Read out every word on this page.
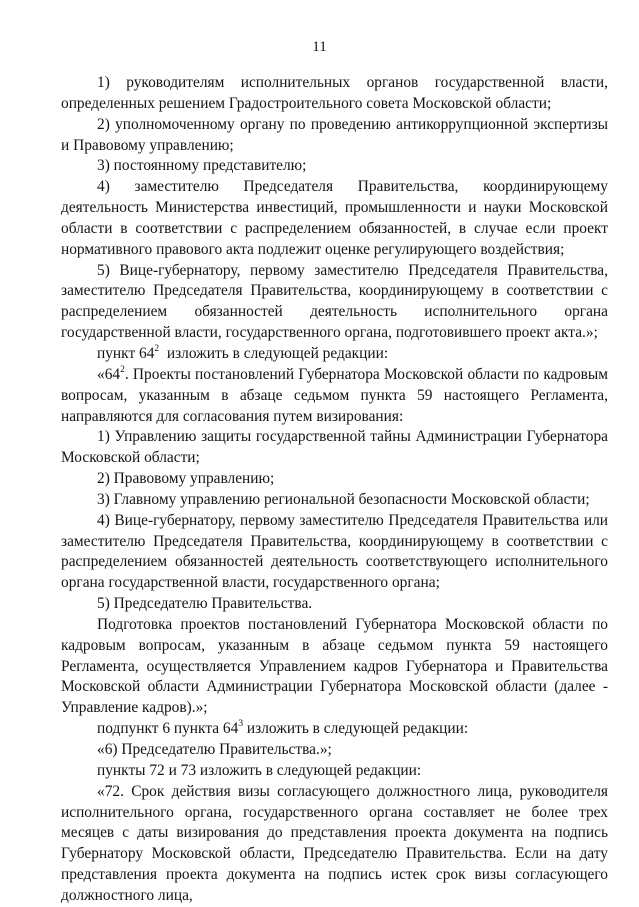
11

1) руководителям исполнительных органов государственной власти, определенных решением Градостроительного совета Московской области;

2) уполномоченному органу по проведению антикоррупционной экспертизы и Правовому управлению;

3) постоянному представителю;

4) заместителю Председателя Правительства, координирующему деятельность Министерства инвестиций, промышленности и науки Московской области в соответствии с распределением обязанностей, в случае если проект нормативного правового акта подлежит оценке регулирующего воздействия;

5) Вице-губернатору, первому заместителю Председателя Правительства, заместителю Председателя Правительства, координирующему в соответствии с распределением обязанностей деятельность исполнительного органа государственной власти, государственного органа, подготовившего проект акта.»;

пункт $64^2$  изложить в следующей редакции:

«$64^2$. Проекты постановлений Губернатора Московской области по кадровым вопросам, указанным в абзаце седьмом пункта 59 настоящего Регламента, направляются для согласования путем визирования:

1) Управлению защиты государственной тайны Администрации Губернатора Московской области;

2) Правовому управлению;

3) Главному управлению региональной безопасности Московской области;

4) Вице-губернатору, первому заместителю Председателя Правительства или заместителю Председателя Правительства, координирующему в соответствии с распределением обязанностей деятельность соответствующего исполнительного органа государственной власти, государственного органа;

5) Председателю Правительства.

Подготовка проектов постановлений Губернатора Московской области по кадровым вопросам, указанным в абзаце седьмом пункта 59 настоящего Регламента, осуществляется Управлением кадров Губернатора и Правительства Московской области Администрации Губернатора Московской области (далее - Управление кадров).»;

подпункт 6 пункта $64^3$ изложить в следующей редакции:

«6) Председателю Правительства.»;

пункты 72 и 73 изложить в следующей редакции:

«72. Срок действия визы согласующего должностного лица, руководителя исполнительного органа, государственного органа составляет не более трех месяцев с даты визирования до представления проекта документа на подпись Губернатору Московской области, Председателю Правительства. Если на дату представления проекта документа на подпись истек срок визы согласующего должностного лица,
